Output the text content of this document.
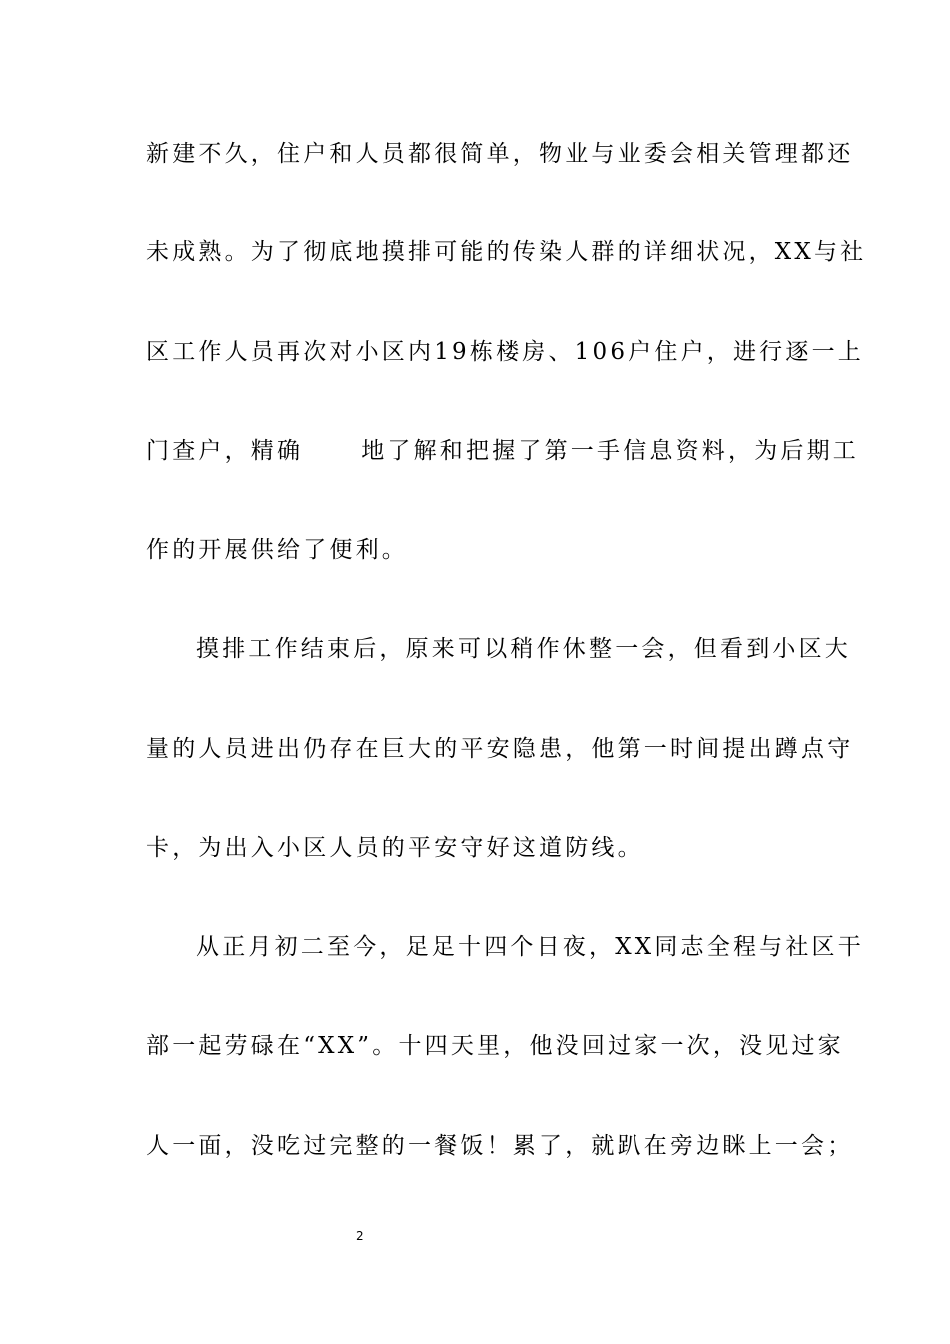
新建不久，住户和人员都很简单，物业与业委会相关管理都还
未成熟。为了彻底地摸排可能的传染人群的详细状况，XX与社
区工作人员再次对小区内19栋楼房、106户住户，进行逐一上
门查户，精确	地了解和把握了第一手信息资料，为后期工
作的开展供给了便利。
摸排工作结束后，原来可以稍作休整一会，但看到小区大
量的人员进出仍存在巨大的平安隐患，他第一时间提出蹲点守
卡，为出入小区人员的平安守好这道防线。
从正月初二至今，足足十四个日夜，XX同志全程与社区干
部一起劳碌在“XX”。十四天里，他没回过家一次，没见过家
人一面，没吃过完整的一餐饭！累了，就趴在旁边眯上一会；
2
